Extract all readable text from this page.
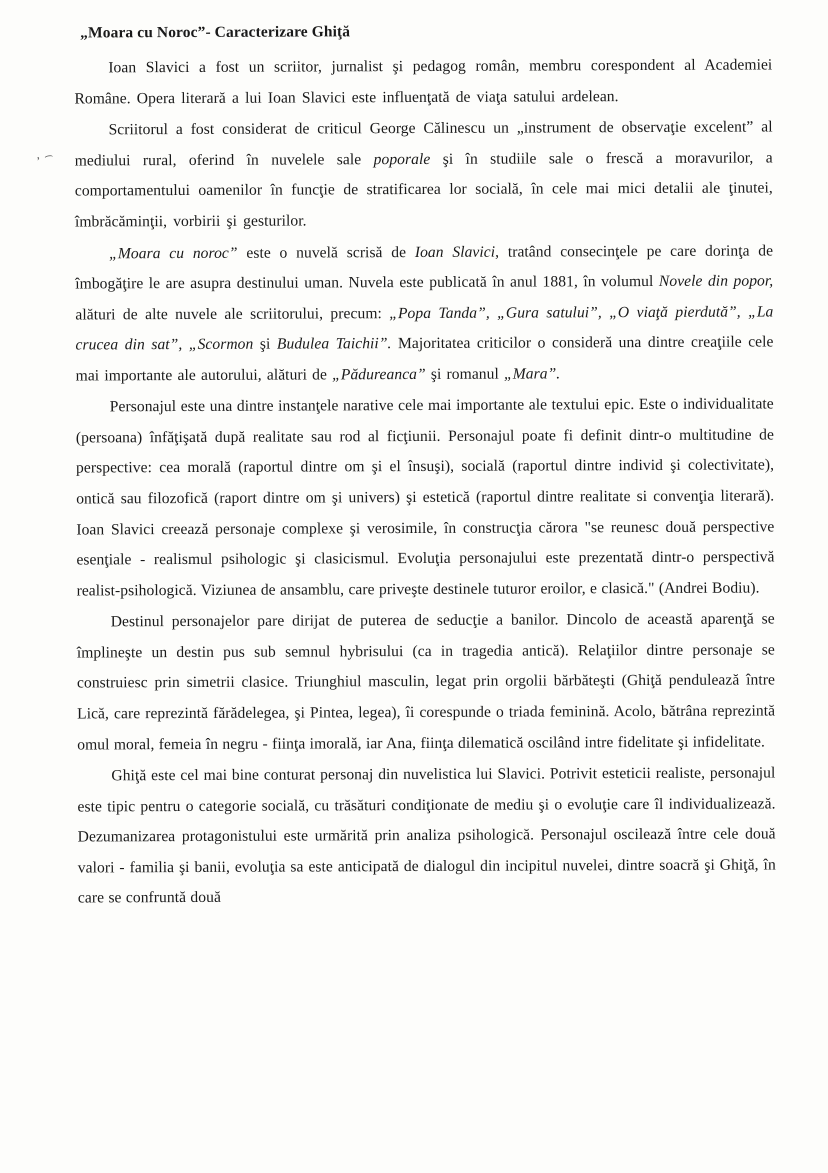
ʼ ͡
„Moara cu Noroc”- Caracterizare Ghiţă

Ioan Slavici a fost un scriitor, jurnalist şi pedagog român, membru corespondent al Academiei Române. Opera literară a lui Ioan Slavici este influenţată de viaţa satului ardelean.

Scriitorul a fost considerat de criticul George Călinescu un „instrument de observaţie excelent” al mediului rural, oferind în nuvelele sale poporale şi în studiile sale o frescă a moravurilor, a comportamentului oamenilor în funcţie de stratificarea lor socială, în cele mai mici detalii ale ţinutei, îmbrăcăminţii, vorbirii şi gesturilor.

„Moara cu noroc” este o nuvelă scrisă de Ioan Slavici, tratând consecinţele pe care dorinţa de îmbogăţire le are asupra destinului uman. Nuvela este publicată în anul 1881, în volumul Novele din popor, alături de alte nuvele ale scriitorului, precum: „Popa Tanda”, „Gura satului”, „O viaţă pierdută”, „La crucea din sat”, „Scormon şi Budulea Taichii”. Majoritatea criticilor o consideră una dintre creaţiile cele mai importante ale autorului, alături de „Pădureanca” şi romanul „Mara”.

Personajul este una dintre instanţele narative cele mai importante ale textului epic. Este o individualitate (persoana) înfăţişată după realitate sau rod al ficţiunii. Personajul poate fi definit dintr-o multitudine de perspective: cea morală (raportul dintre om şi el însuşi), socială (raportul dintre individ şi colectivitate), ontică sau filozofică (raport dintre om şi univers) şi estetică (raportul dintre realitate si convenţia literară). Ioan Slavici creează personaje complexe şi verosimile, în construcţia cărora "se reunesc două perspective esenţiale - realismul psihologic şi clasicismul. Evoluţia personajului este prezentată dintr-o perspectivă realist-psihologică. Viziunea de ansamblu, care priveşte destinele tuturor eroilor, e clasică." (Andrei Bodiu).

Destinul personajelor pare dirijat de puterea de seducţie a banilor. Dincolo de această aparenţă se împlineşte un destin pus sub semnul hybrisului (ca in tragedia antică). Relaţiilor dintre personaje se construiesc prin simetrii clasice. Triunghiul masculin, legat prin orgolii bărbăteşti (Ghiţă pendulează între Lică, care reprezintă fărădelegea, şi Pintea, legea), îi corespunde o triada feminină. Acolo, bătrâna reprezintă omul moral, femeia în negru - fiinţa imorală, iar Ana, fiinţa dilematică oscilând intre fidelitate şi infidelitate.

Ghiţă este cel mai bine conturat personaj din nuvelistica lui Slavici. Potrivit esteticii realiste, personajul este tipic pentru o categorie socială, cu trăsături condiţionate de mediu şi o evoluţie care îl individualizează. Dezumanizarea protagonistului este urmărită prin analiza psihologică. Personajul oscilează între cele două valori - familia şi banii, evoluţia sa este anticipată de dialogul din incipitul nuvelei, dintre soacră şi Ghiţă, în care se confruntă două
